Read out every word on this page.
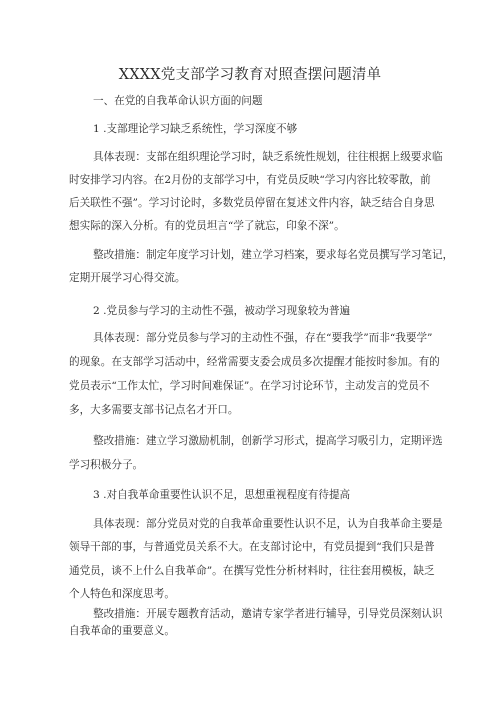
XXXX党支部学习教育对照查摆问题清单
一、在党的自我革命认识方面的问题
1 .支部理论学习缺乏系统性，学习深度不够
具体表现：支部在组织理论学习时，缺乏系统性规划，往往根据上级要求临
时安排学习内容。在2月份的支部学习中，有党员反映“学习内容比较零散，前
后关联性不强”。学习讨论时，多数党员停留在复述文件内容，缺乏结合自身思
想实际的深入分析。有的党员坦言“学了就忘，印象不深”。
整改措施：制定年度学习计划，建立学习档案，要求每名党员撰写学习笔记，
定期开展学习心得交流。
2 .党员参与学习的主动性不强，被动学习现象较为普遍
具体表现：部分党员参与学习的主动性不强，存在“要我学”而非“我要学”
的现象。在支部学习活动中，经常需要支委会成员多次提醒才能按时参加。有的
党员表示“工作太忙，学习时间难保证”。在学习讨论环节，主动发言的党员不
多，大多需要支部书记点名才开口。
整改措施：建立学习激励机制，创新学习形式，提高学习吸引力，定期评选
学习积极分子。
3 .对自我革命重要性认识不足，思想重视程度有待提高
具体表现：部分党员对党的自我革命重要性认识不足，认为自我革命主要是
领导干部的事，与普通党员关系不大。在支部讨论中，有党员提到“我们只是普
通党员，谈不上什么自我革命”。在撰写党性分析材料时，往往套用模板，缺乏
个人特色和深度思考。
整改措施：开展专题教育活动，邀请专家学者进行辅导，引导党员深刻认识
自我革命的重要意义。
